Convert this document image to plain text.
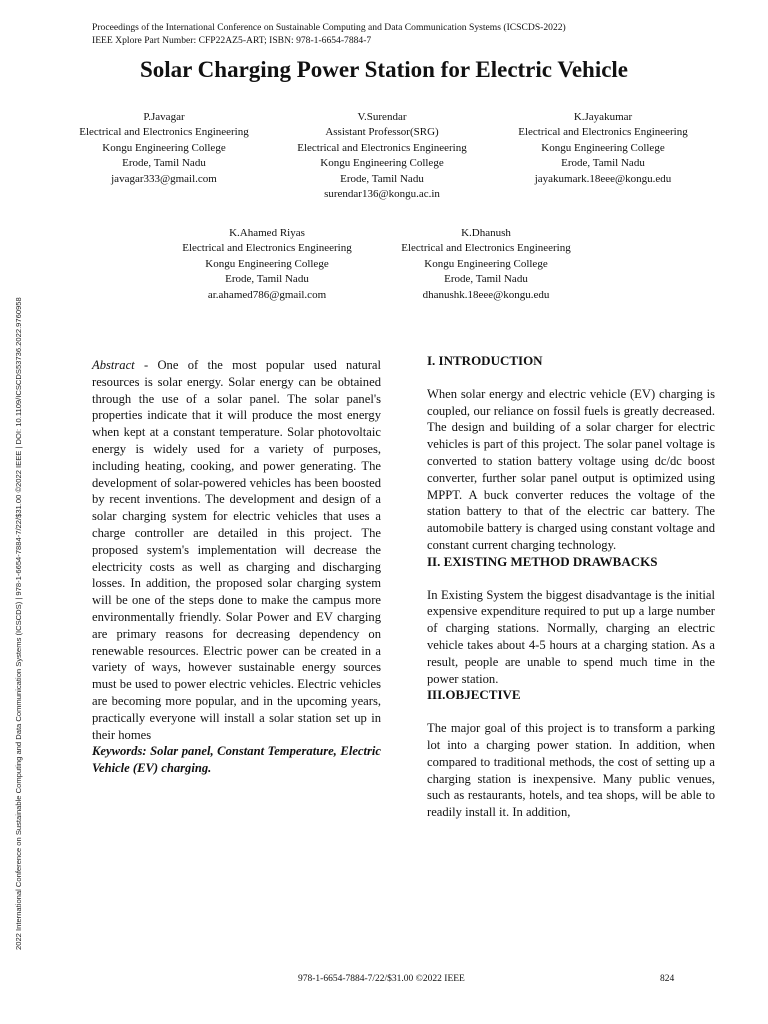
Proceedings of the International Conference on Sustainable Computing and Data Communication Systems (ICSCDS-2022)
IEEE Xplore Part Number: CFP22AZ5-ART; ISBN: 978-1-6654-7884-7
Solar Charging Power Station for Electric Vehicle
P.Javagar
Electrical and Electronics Engineering
Kongu Engineering College
Erode, Tamil Nadu
javagar333@gmail.com
V.Surendar
Assistant Professor(SRG)
Electrical and Electronics Engineering
Kongu Engineering College
Erode, Tamil Nadu
surendar136@kongu.ac.in
K.Jayakumar
Electrical and Electronics Engineering
Kongu Engineering College
Erode, Tamil Nadu
jayakumark.18eee@kongu.edu
K.Ahamed Riyas
Electrical and Electronics Engineering
Kongu Engineering College
Erode, Tamil Nadu
ar.ahamed786@gmail.com
K.Dhanush
Electrical and Electronics Engineering
Kongu Engineering College
Erode, Tamil Nadu
dhanushk.18eee@kongu.edu
2022 International Conference on Sustainable Computing and Data Communication Systems (ICSCDS) | 978-1-6654-7884-7/22/$31.00 ©2022 IEEE | DOI: 10.1109/ICSCDS53736.2022.9760958	Abstract - One of the most popular used natural resources is solar energy. Solar energy can be obtained through the use of a solar panel. The solar panel's properties indicate that it will produce the most energy when kept at a constant temperature. Solar photovoltaic energy is widely used for a variety of purposes, including heating, cooking, and power generating. The development of solar-powered vehicles has been boosted by recent inventions. The development and design of a solar charging system for electric vehicles that uses a charge controller are detailed in this project. The proposed system's implementation will decrease the electricity costs as well as charging and discharging losses. In addition, the proposed solar charging system will be one of the steps done to make the campus more environmentally friendly. Solar Power and EV charging are primary reasons for decreasing dependency on renewable resources. Electric power can be created in a variety of ways, however sustainable energy sources must be used to power electric vehicles. Electric vehicles are becoming more popular, and in the upcoming years, practically everyone will install a solar station set up in their homes

Keywords: Solar panel, Constant Temperature, Electric Vehicle (EV) charging.

I. INTRODUCTION

When solar energy and electric vehicle (EV) charging is coupled, our reliance on fossil fuels is greatly decreased. The design and building of a solar charger for electric vehicles is part of this project. The solar panel voltage is converted to station battery voltage using dc/dc boost converter, further solar panel output is optimized using MPPT. A buck converter reduces the voltage of the station battery to that of the electric car battery. The automobile battery is charged using constant voltage and constant current charging technology.

II. EXISTING METHOD DRAWBACKS

In Existing System the biggest disadvantage is the initial expensive expenditure required to put up a large number of charging stations. Normally, charging an electric vehicle takes about 4-5 hours at a charging station. As a result, people are unable to spend much time in the power station.

III.OBJECTIVE

The major goal of this project is to transform a parking lot into a charging power station. In addition, when compared to traditional methods, the cost of setting up a charging station is inexpensive. Many public venues, such as restaurants, hotels, and tea shops, will be able to readily install it. In addition,

978-1-6654-7884-7/22/$31.00 ©2022 IEEE	824
